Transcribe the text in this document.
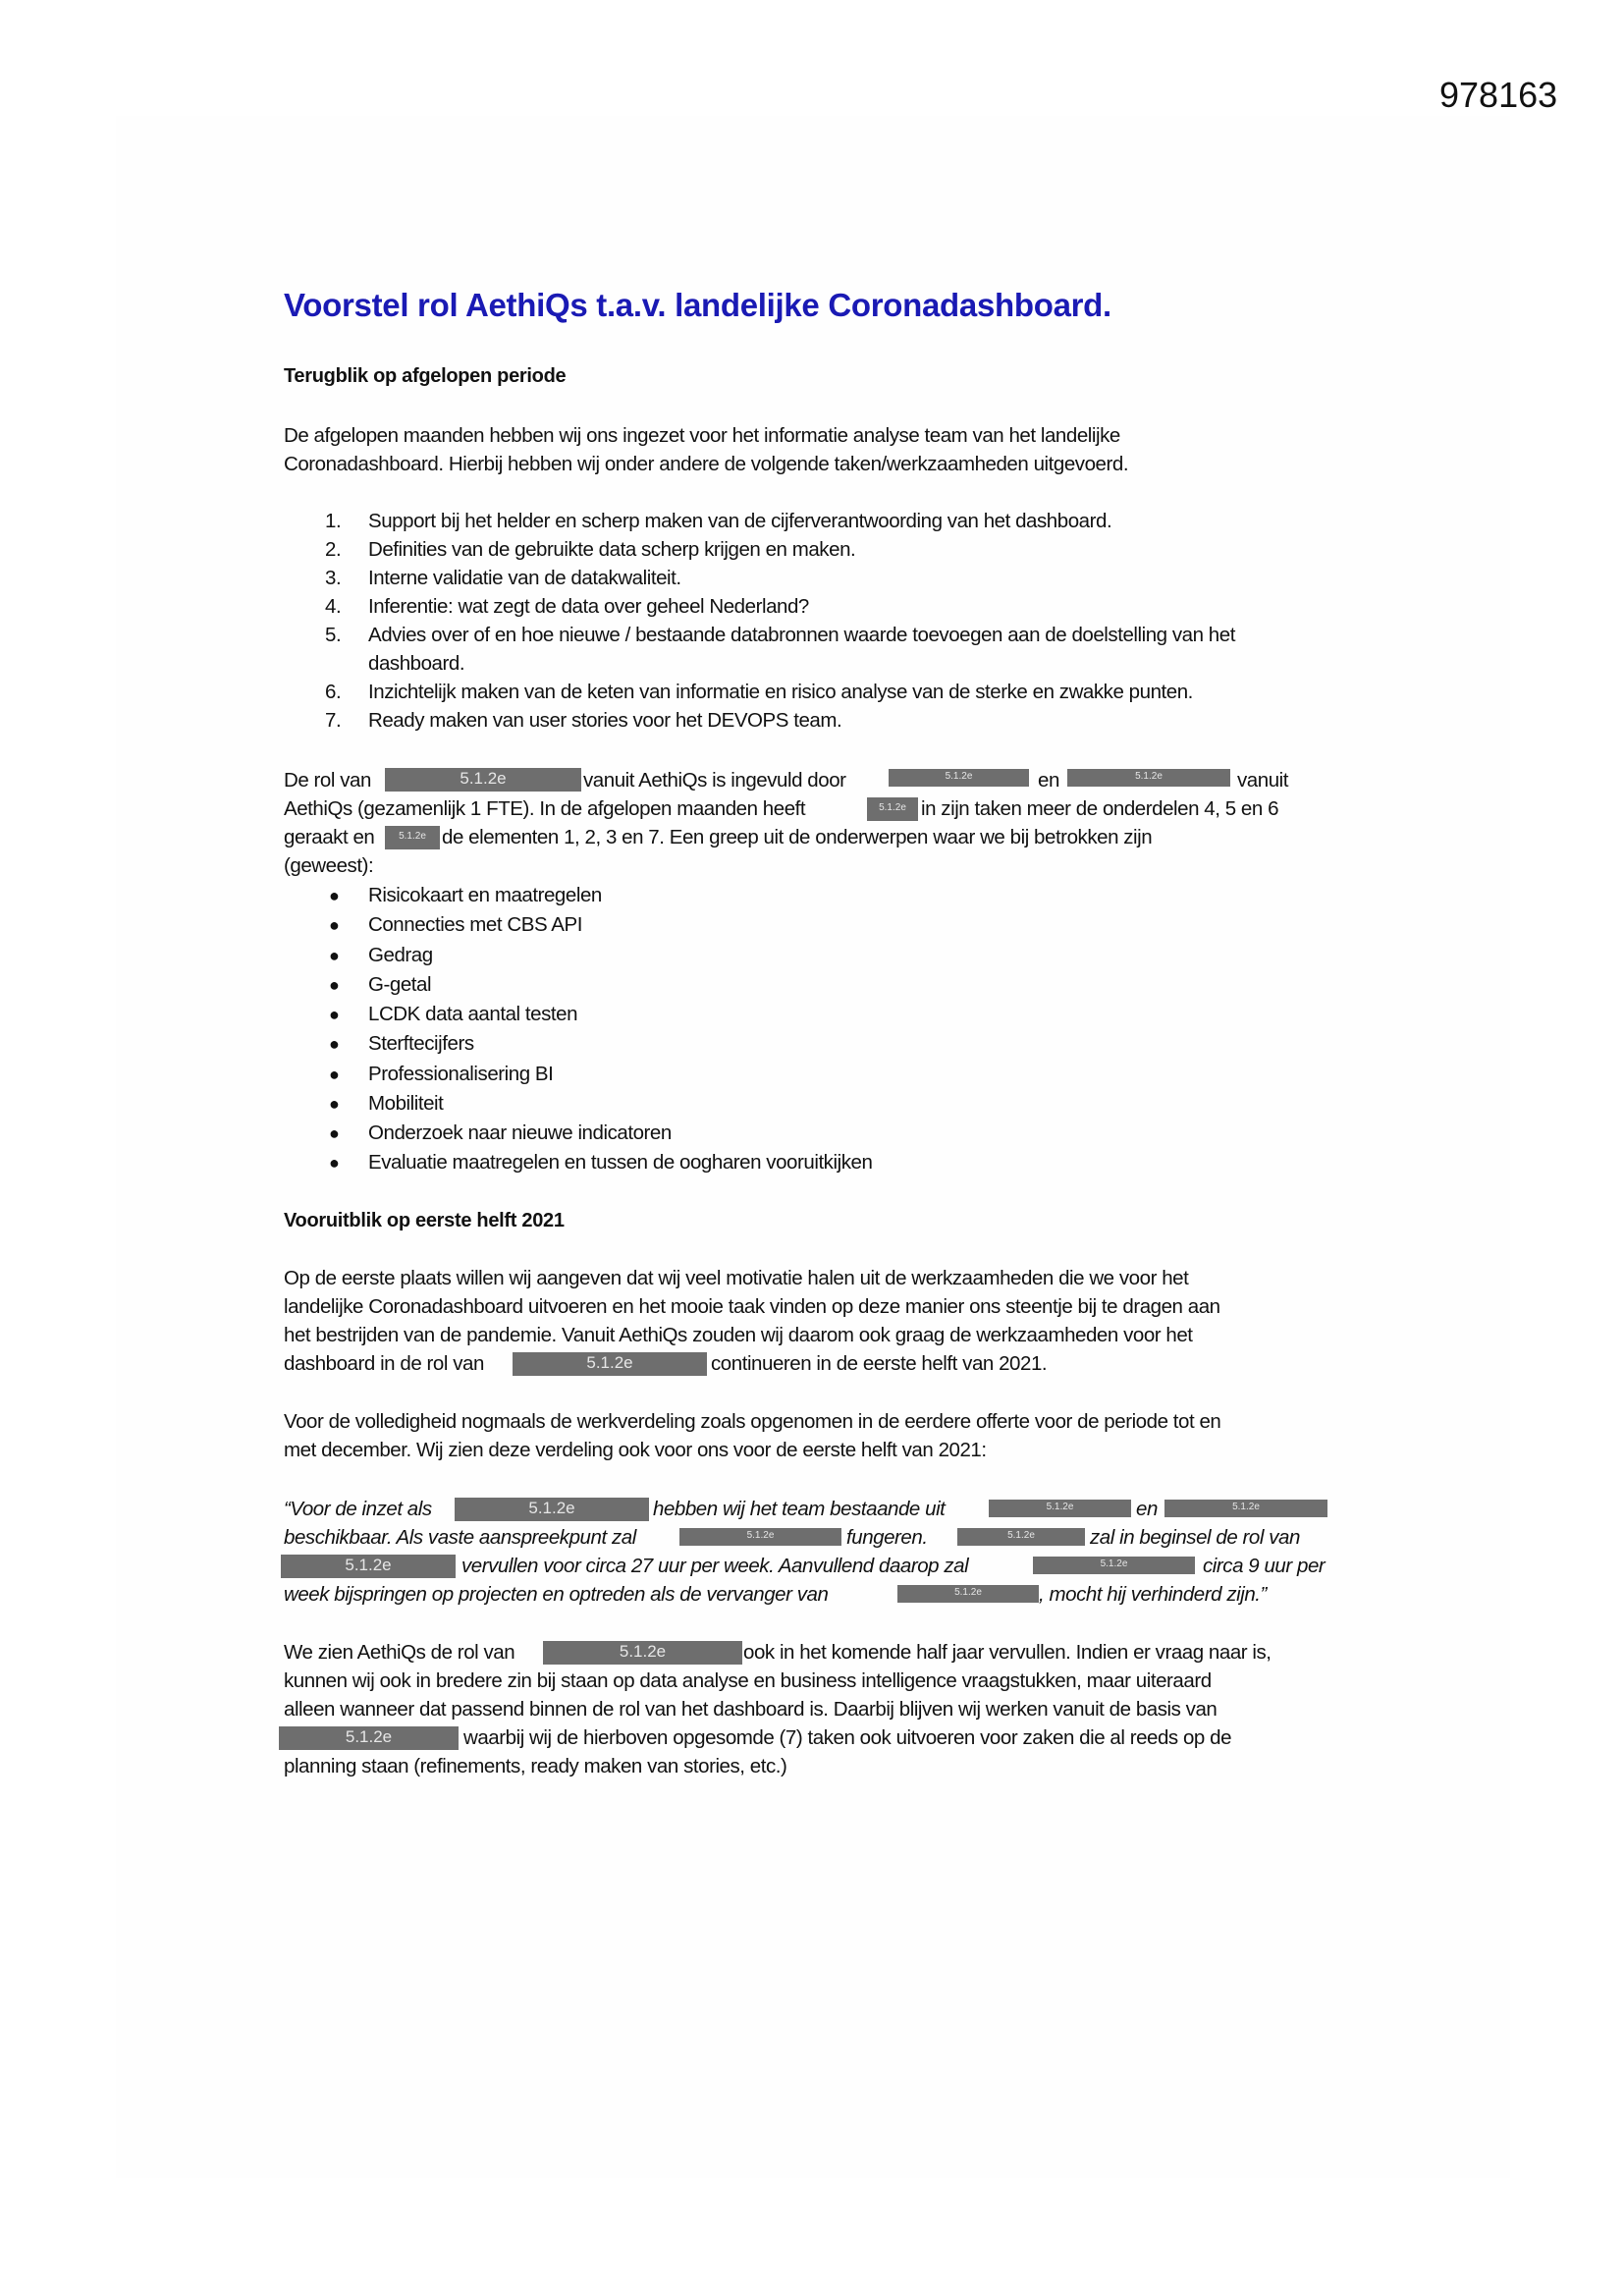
978163
Voorstel rol AethiQs t.a.v. landelijke Coronadashboard.
Terugblik op afgelopen periode
De afgelopen maanden hebben wij ons ingezet voor het informatie analyse team van het landelijke
Coronadashboard. Hierbij hebben wij onder andere de volgende taken/werkzaamheden uitgevoerd.
1. Support bij het helder en scherp maken van de cijferverantwoording van het dashboard.
2. Definities van de gebruikte data scherp krijgen en maken.
3. Interne validatie van de datakwaliteit.
4. Inferentie: wat zegt de data over geheel Nederland?
5. Advies over of en hoe nieuwe / bestaande databronnen waarde toevoegen aan de doelstelling van het
dashboard.
6. Inzichtelijk maken van de keten van informatie en risico analyse van de sterke en zwakke punten.
7. Ready maken van user stories voor het DEVOPS team.
De rol van	5.1.2e	vanuit AethiQs is ingevuld door	5.1.2e	en	5.1.2e	vanuit
AethiQs (gezamenlijk 1 FTE). In de afgelopen maanden heeft	5.1.2e in zijn taken meer de onderdelen 4, 5 en 6
geraakt en	5.1.2e de elementen 1, 2, 3 en 7. Een greep uit de onderwerpen waar we bij betrokken zijn
(geweest):
● Risicokaart en maatregelen
● Connecties met CBS API
● Gedrag
● G-getal
● LCDK data aantal testen
● Sterftecijfers
● Professionalisering BI
● Mobiliteit
● Onderzoek naar nieuwe indicatoren
● Evaluatie maatregelen en tussen de oogharen vooruitkijken
Vooruitblik op eerste helft 2021
Op de eerste plaats willen wij aangeven dat wij veel motivatie halen uit de werkzaamheden die we voor het
landelijke Coronadashboard uitvoeren en het mooie taak vinden op deze manier ons steentje bij te dragen aan
het bestrijden van de pandemie. Vanuit AethiQs zouden wij daarom ook graag de werkzaamheden voor het
dashboard in de rol van	5.1.2e	continueren in de eerste helft van 2021.
Voor de volledigheid nogmaals de werkverdeling zoals opgenomen in de eerdere offerte voor de periode tot en
met december. Wij zien deze verdeling ook voor ons voor de eerste helft van 2021:
“Voor de inzet als	5.1.2e	hebben wij het team bestaande uit	5.1.2e	en	5.1.2e
beschikbaar. Als vaste aanspreekpunt zal	5.1.2e	fungeren.	5.1.2e	zal in beginsel de rol van
5.1.2e	vervullen voor circa 27 uur per week. Aanvullend daarop zal	5.1.2e	circa 9 uur per
week bijspringen op projecten en optreden als de vervanger van	5.1.2e	, mocht hij verhinderd zijn.”
We zien AethiQs de rol van	5.1.2e	ook in het komende half jaar vervullen. Indien er vraag naar is,
kunnen wij ook in bredere zin bij staan op data analyse en business intelligence vraagstukken, maar uiteraard
alleen wanneer dat passend binnen de rol van het dashboard is. Daarbij blijven wij werken vanuit de basis van
5.1.2e	waarbij wij de hierboven opgesomde (7) taken ook uitvoeren voor zaken die al reeds op de
planning staan (refinements, ready maken van stories, etc.)
